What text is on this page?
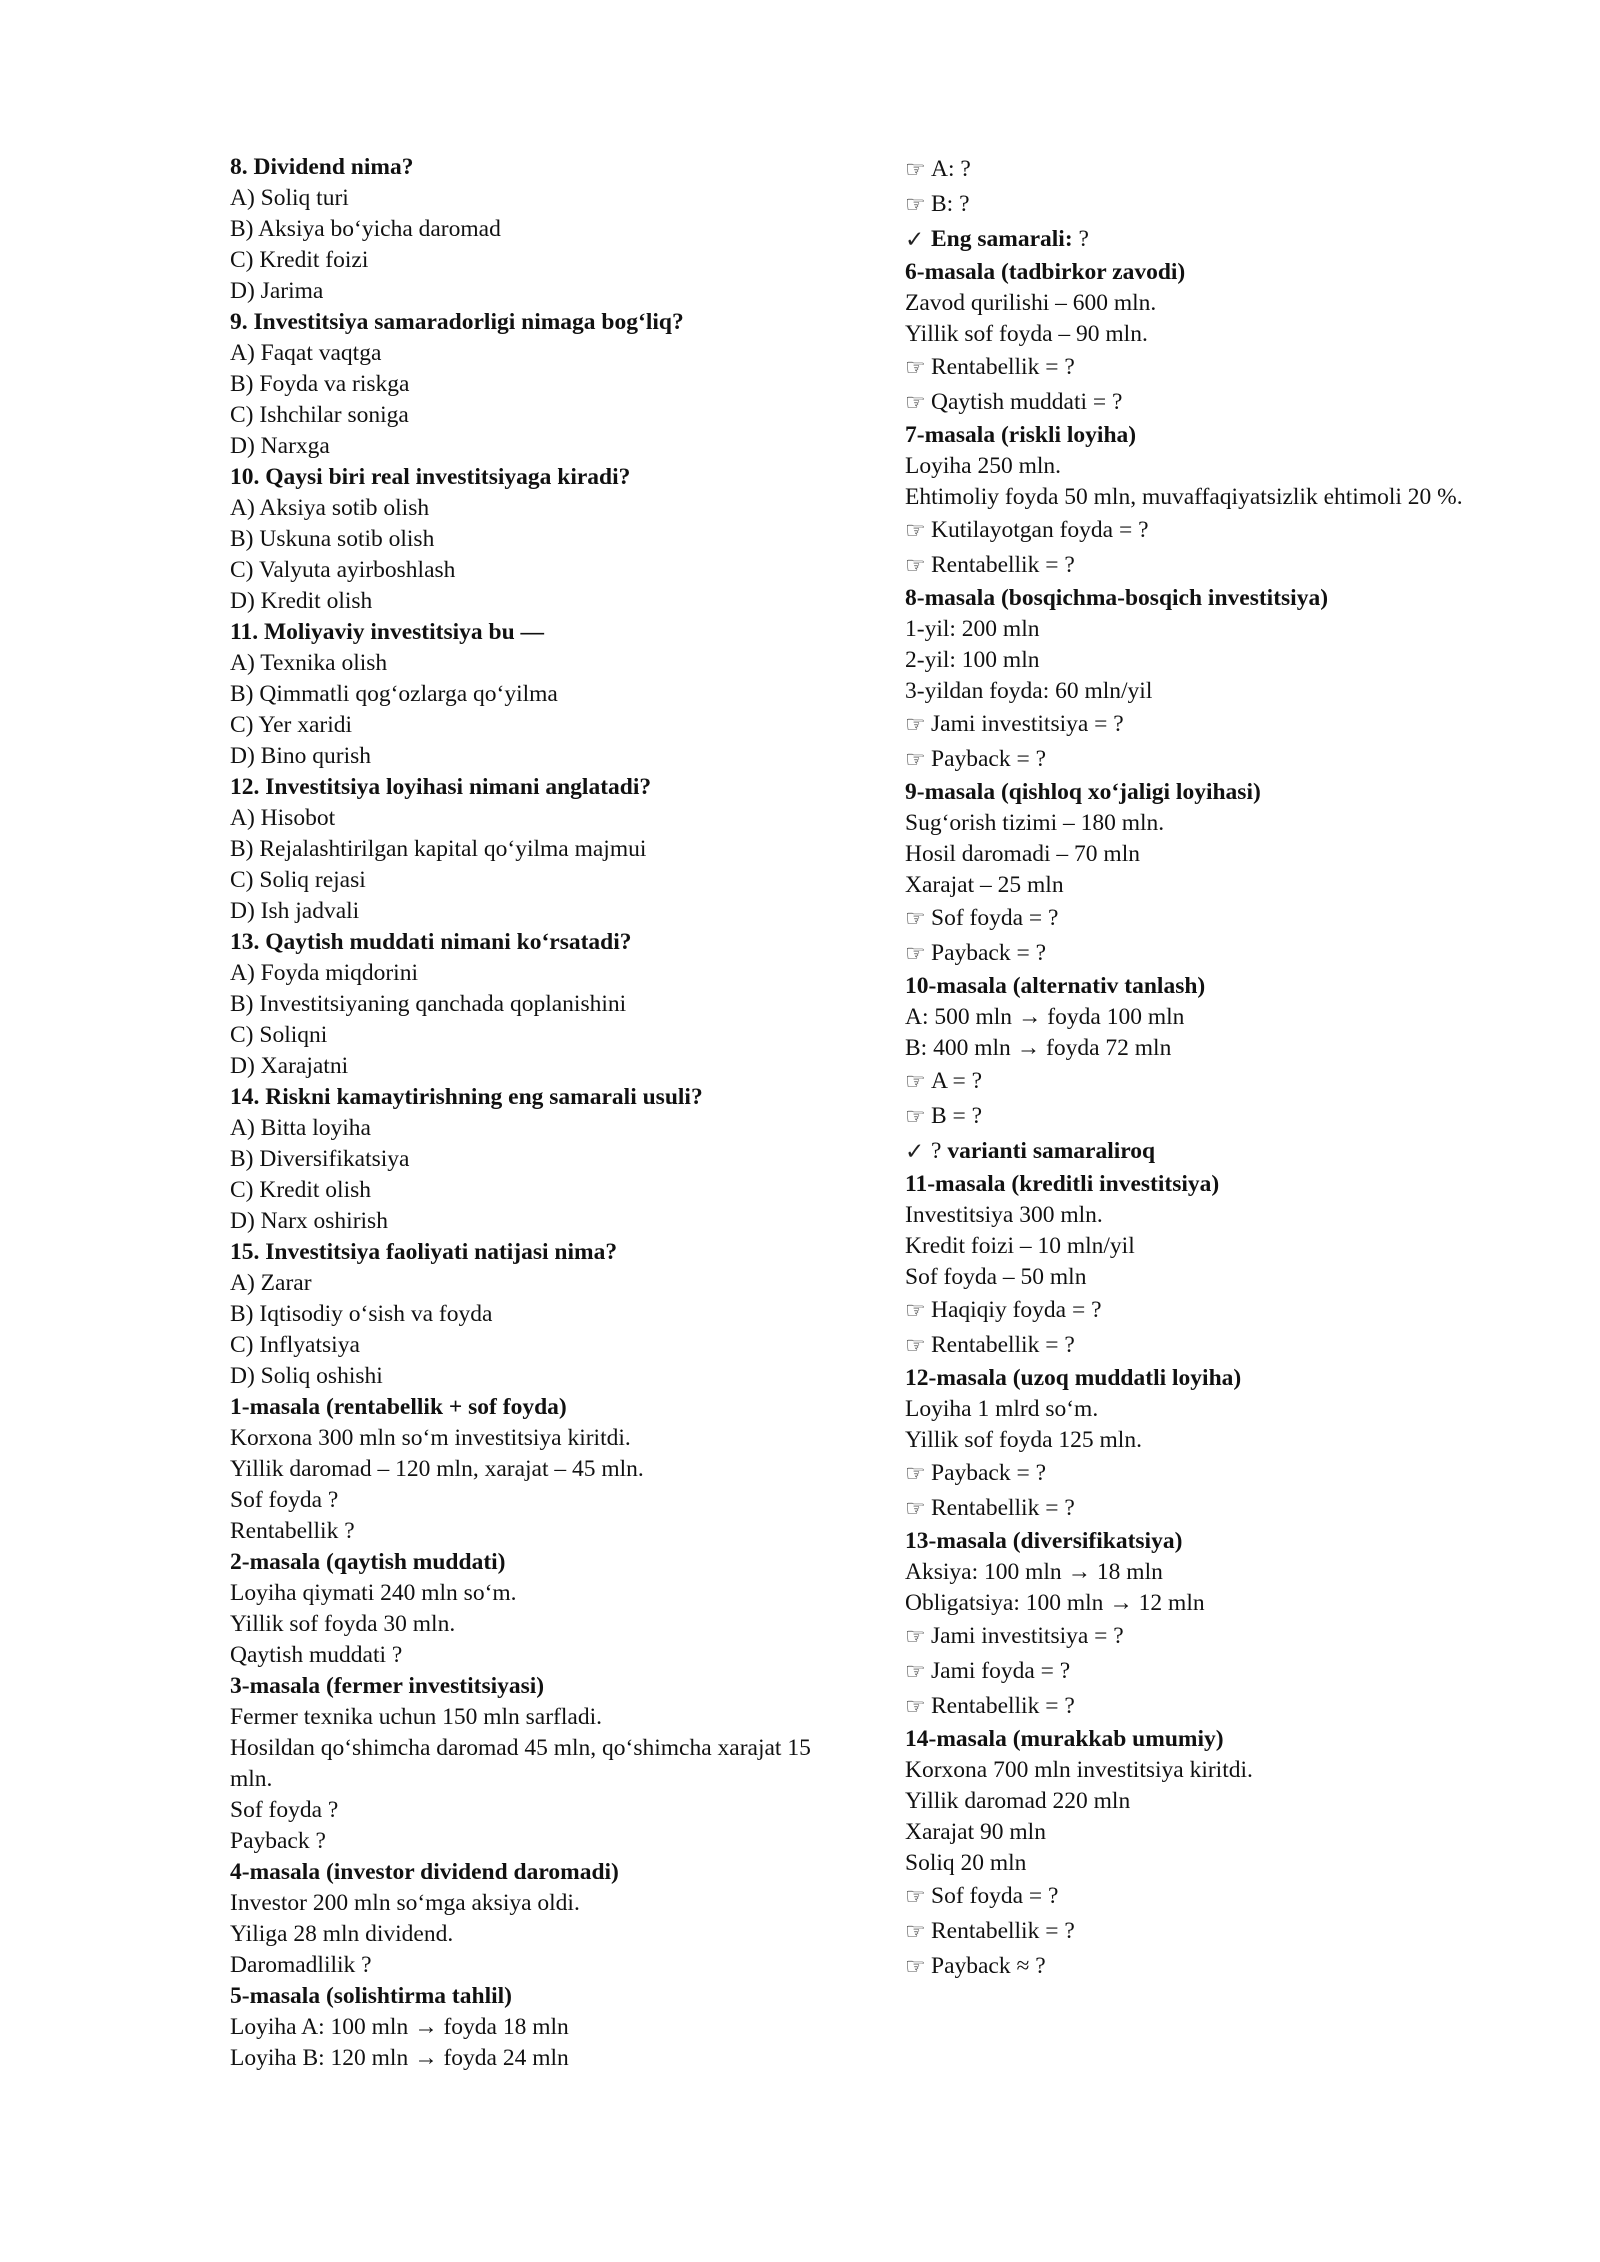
8. Dividend nima?
A) Soliq turi
B) Aksiya bo‘yicha daromad
C) Kredit foizi
D) Jarima
9. Investitsiya samaradorligi nimaga bog‘liq?
A) Faqat vaqtga
B) Foyda va riskga
C) Ishchilar soniga
D) Narxga
10. Qaysi biri real investitsiyaga kiradi?
A) Aksiya sotib olish
B) Uskuna sotib olish
C) Valyuta ayirboshlash
D) Kredit olish
11. Moliyaviy investitsiya bu —
A) Texnika olish
B) Qimmatli qog‘ozlarga qo‘yilma
C) Yer xaridi
D) Bino qurish
12. Investitsiya loyihasi nimani anglatadi?
A) Hisobot
B) Rejalashtirilgan kapital qo‘yilma majmui
C) Soliq rejasi
D) Ish jadvali
13. Qaytish muddati nimani ko‘rsatadi?
A) Foyda miqdorini
B) Investitsiyaning qanchada qoplanishini
C) Soliqni
D) Xarajatni
14. Riskni kamaytirishning eng samarali usuli?
A) Bitta loyiha
B) Diversifikatsiya
C) Kredit olish
D) Narx oshirish
15. Investitsiya faoliyati natijasi nima?
A) Zarar
B) Iqtisodiy o‘sish va foyda
C) Inflyatsiya
D) Soliq oshishi
1-masala (rentabellik + sof foyda)
Korxona 300 mln so‘m investitsiya kiritdi.
Yillik daromad – 120 mln, xarajat – 45 mln.
Sof foyda ?
Rentabellik ?
2-masala (qaytish muddati)
Loyiha qiymati 240 mln so‘m.
Yillik sof foyda 30 mln.
Qaytish muddati ?
3-masala (fermer investitsiyasi)
Fermer texnika uchun 150 mln sarfladi.
Hosildan qo‘shimcha daromad 45 mln, qo‘shimcha xarajat 15 mln.
Sof foyda ?
Payback ?
4-masala (investor dividend daromadi)
Investor 200 mln so‘mga aksiya oldi.
Yiliga 28 mln dividend.
Daromadlilik ?
5-masala (solishtirma tahlil)
Loyiha A: 100 mln → foyda 18 mln
Loyiha B: 120 mln → foyda 24 mln
☞ A: ?
☞ B: ?
✓ Eng samarali: ?
6-masala (tadbirkor zavodi)
Zavod qurilishi – 600 mln.
Yillik sof foyda – 90 mln.
☞ Rentabellik = ?
☞ Qaytish muddati = ?
7-masala (riskli loyiha)
Loyiha 250 mln.
Ehtimoliy foyda 50 mln, muvaffaqiyatsizlik ehtimoli 20 %.
☞ Kutilayotgan foyda = ?
☞ Rentabellik = ?
8-masala (bosqichma-bosqich investitsiya)
1-yil: 200 mln
2-yil: 100 mln
3-yildan foyda: 60 mln/yil
☞ Jami investitsiya = ?
☞ Payback = ?
9-masala (qishloq xo‘jaligi loyihasi)
Sug‘orish tizimi – 180 mln.
Hosil daromadi – 70 mln
Xarajat – 25 mln
☞ Sof foyda = ?
☞ Payback = ?
10-masala (alternativ tanlash)
A: 500 mln → foyda 100 mln
B: 400 mln → foyda 72 mln
☞ A = ?
☞ B = ?
✓ ? varianti samaraliroq
11-masala (kreditli investitsiya)
Investitsiya 300 mln.
Kredit foizi – 10 mln/yil
Sof foyda – 50 mln
☞ Haqiqiy foyda = ?
☞ Rentabellik = ?
12-masala (uzoq muddatli loyiha)
Loyiha 1 mlrd so‘m.
Yillik sof foyda 125 mln.
☞ Payback = ?
☞ Rentabellik = ?
13-masala (diversifikatsiya)
Aksiya: 100 mln → 18 mln
Obligatsiya: 100 mln → 12 mln
☞ Jami investitsiya = ?
☞ Jami foyda = ?
☞ Rentabellik = ?
14-masala (murakkab umumiy)
Korxona 700 mln investitsiya kiritdi.
Yillik daromad 220 mln
Xarajat 90 mln
Soliq 20 mln
☞ Sof foyda = ?
☞ Rentabellik = ?
☞ Payback ≈ ?
